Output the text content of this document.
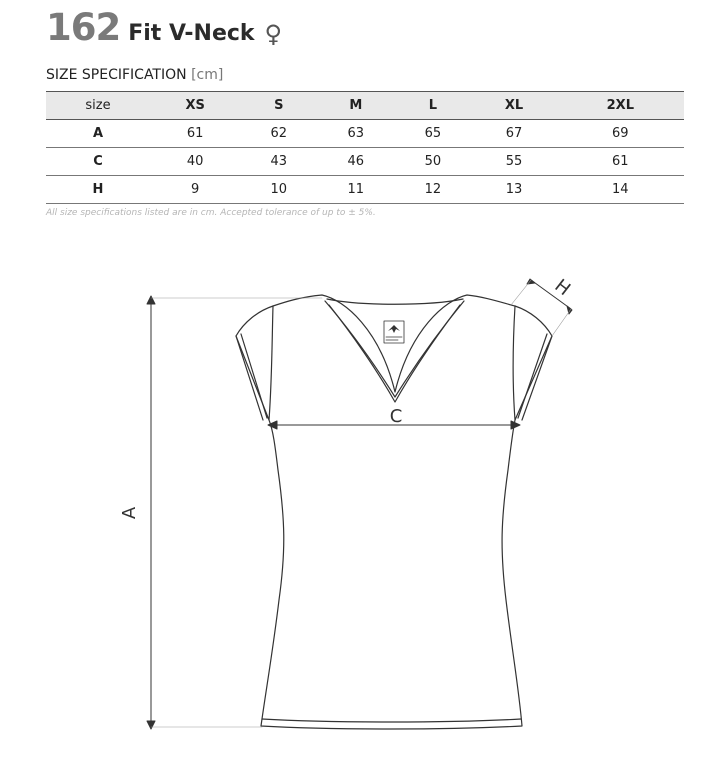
162 Fit V-Neck ♀
SIZE SPECIFICATION [cm]
size	XS	S	M	L	XL	2XL
A	61	62	63	65	67	69
C	40	43	46	50	55	61
H	9	10	11	12	13	14
All size specifications listed are in cm. Accepted tolerance of up to ± 5%.
A
C
H
